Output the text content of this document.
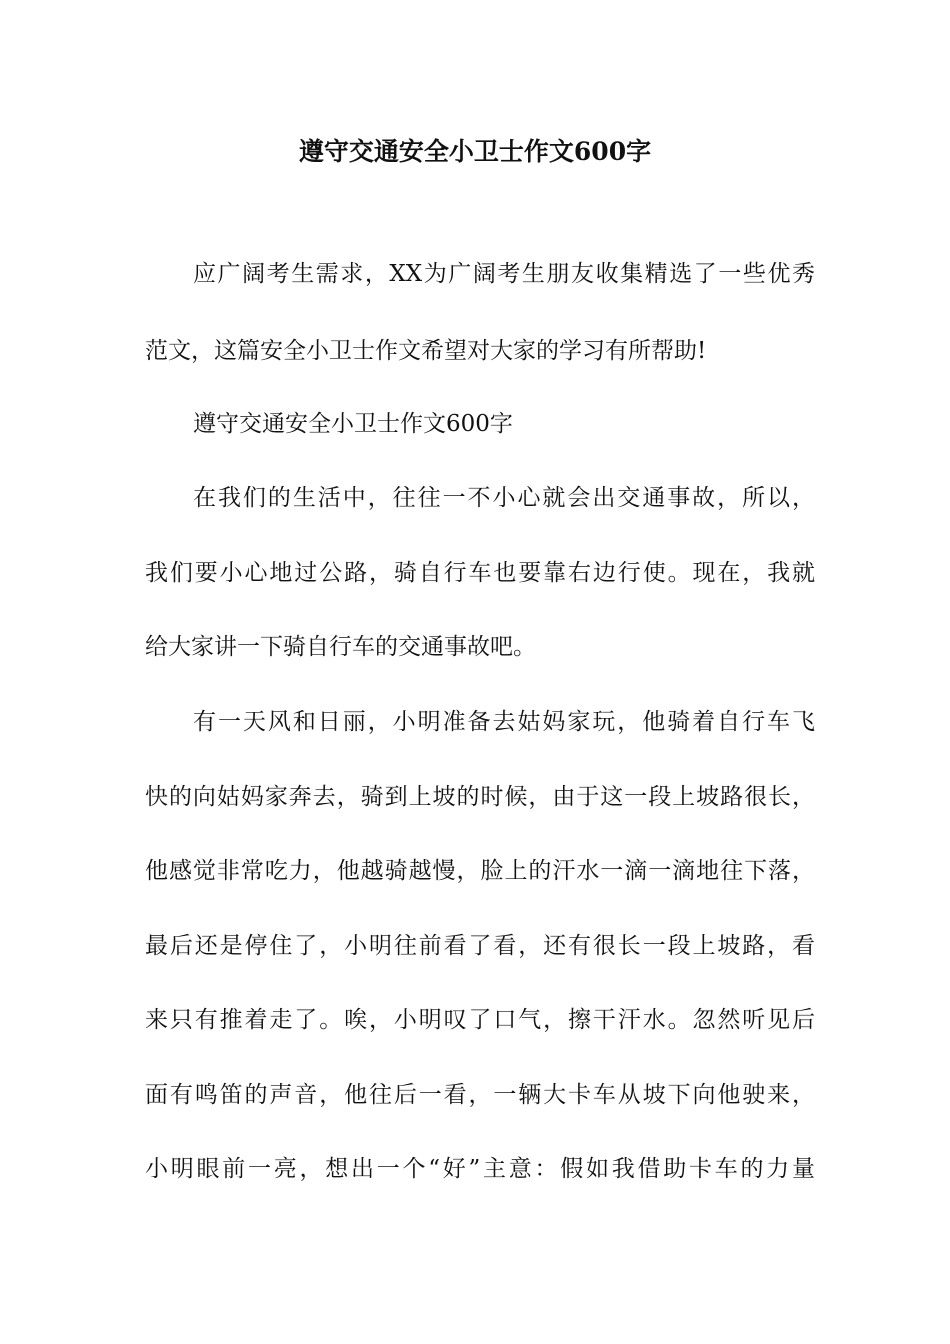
遵守交通安全小卫士作文600字
应广阔考生需求，XX为广阔考生朋友收集精选了一些优秀
范文，这篇安全小卫士作文希望对大家的学习有所帮助!
遵守交通安全小卫士作文600字
在我们的生活中，往往一不小心就会出交通事故，所以，
我们要小心地过公路，骑自行车也要靠右边行使。现在，我就
给大家讲一下骑自行车的交通事故吧。
有一天风和日丽，小明准备去姑妈家玩，他骑着自行车飞
快的向姑妈家奔去，骑到上坡的时候，由于这一段上坡路很长，
他感觉非常吃力，他越骑越慢，脸上的汗水一滴一滴地往下落，
最后还是停住了，小明往前看了看，还有很长一段上坡路，看
来只有推着走了。唉，小明叹了口气，擦干汗水。忽然听见后
面有鸣笛的声音，他往后一看，一辆大卡车从坡下向他驶来，
小明眼前一亮，想出一个“好”主意：假如我借助卡车的力量
